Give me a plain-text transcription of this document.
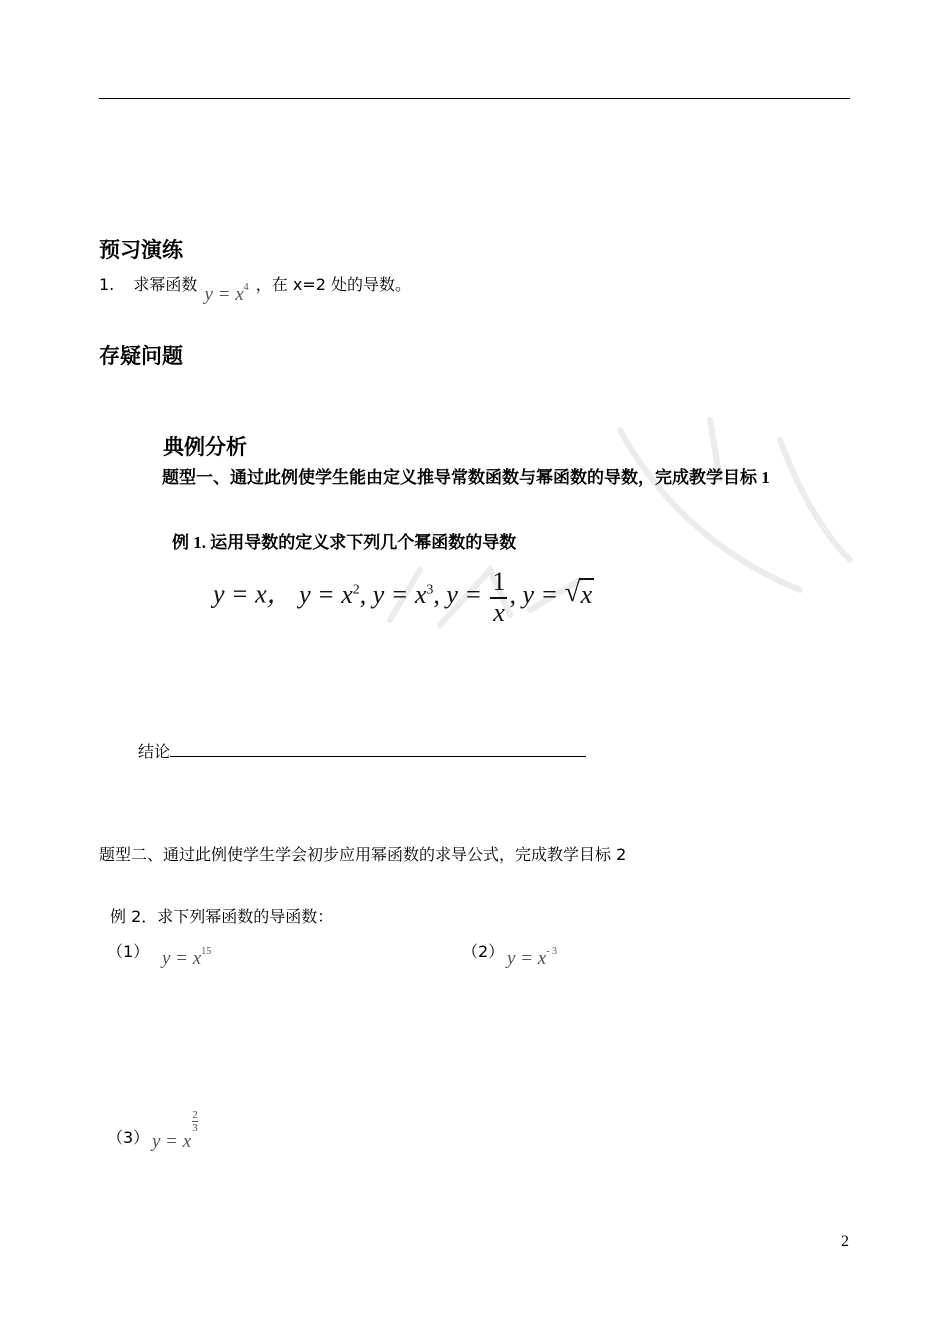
预习演练
1. 求幂函数 $y = x^4$ ，在 x=2 处的导数。
存疑问题
典例分析
题型一、通过此例使学生能由定义推导常数函数与幂函数的导数，完成教学目标 1
例 1. 运用导数的定义求下列几个幂函数的导数
y = x， $y = x^2$, $y = x^3$, $y = \frac{1}{x}$ , y = √ x
结论
题型二、通过此例使学生学会初步应用幂函数的求导公式，完成教学目标 2
例 2．求下列幂函数的导函数：
（1） $y = x^{15}$	（2） $y = x^{- 3}$
（3） y = x
$\frac{2}{3}$
2
